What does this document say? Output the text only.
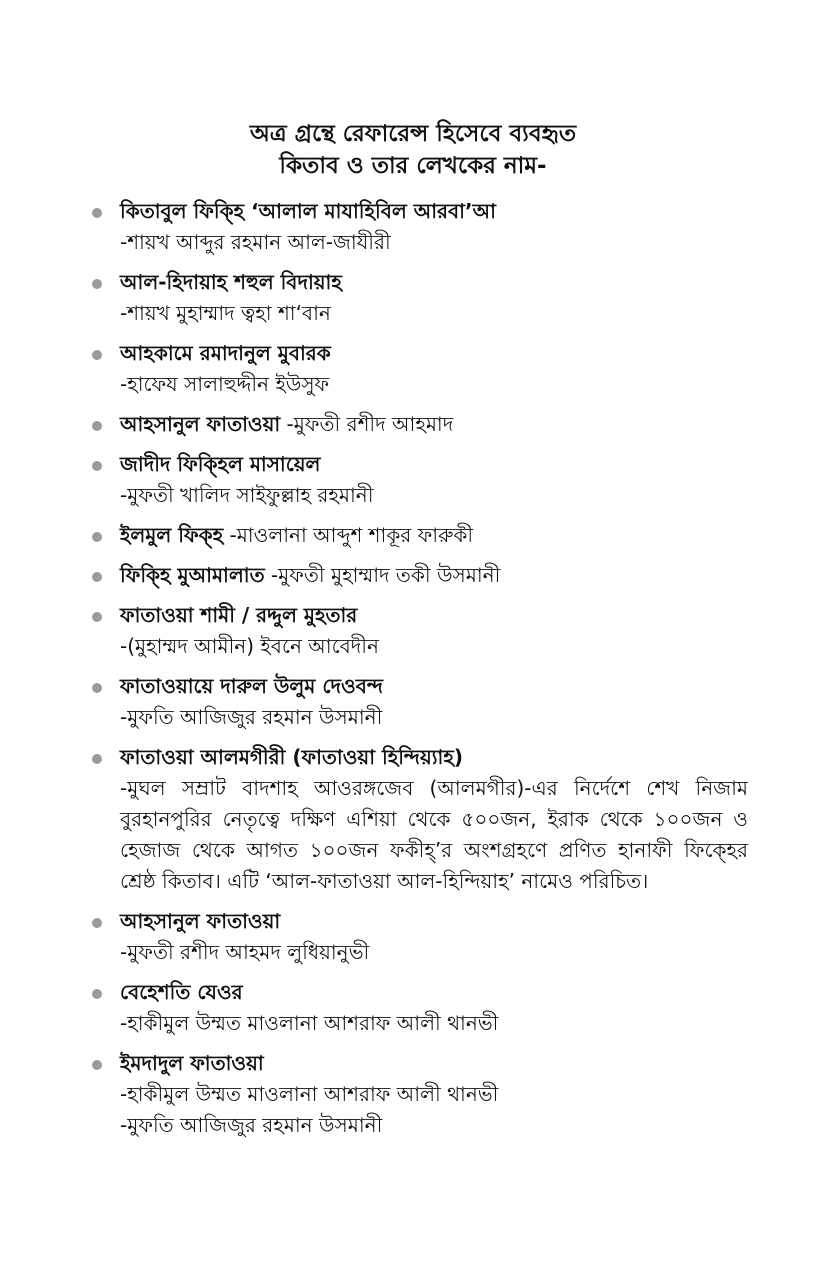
অত্র গ্রন্থে রেফারেন্স হিসেবে ব্যবহৃত
কিতাব ও তার লেখকের নাম-
কিতাবুল ফিক্হি ‘আলাল মাযাহিবিল আরবা’আ
-শায়খ আব্দুর রহমান আল-জাযীরী
আল-হিদায়াহ শহুল বিদায়াহ
-শায়খ মুহাম্মাদ ত্বহা শা‘বান
আহকামে রমাদানুল মুবারক
-হাফেয সালাহুদ্দীন ইউসুফ
আহসানুল ফাতাওয়া -মুফতী রশীদ আহমাদ
জাদীদ ফিক্হিল মাসায়েল
-মুফতী খালিদ সাইফুল্লাহ রহমানী
ইলমুল ফিক্হ -মাওলানা আব্দুশ শাকূর ফারুকী
ফিক্হি মুআমালাত -মুফতী মুহাম্মাদ তকী উসমানী
ফাতাওয়া শামী / রদ্দুল মুহতার
-(মুহাম্মদ আমীন) ইবনে আবেদীন
ফাতাওয়ায়ে দারুল উলুম দেওবন্দ
-মুফতি আজিজুর রহমান উসমানী
ফাতাওয়া আলমগীরী (ফাতাওয়া হিন্দিয়্যাহ)
-মুঘল সম্রাট বাদশাহ আওরঙ্গজেব (আলমগীর)-এর নির্দেশে শেখ নিজাম বুরহানপুরির নেতৃত্বে দক্ষিণ এশিয়া থেকে ৫০০জন, ইরাক থেকে ১০০জন ও হেজাজ থেকে আগত ১০০জন ফকীহ্’র অংশগ্রহণে প্রণিত হানাফী ফিক্হের শ্রেষ্ঠ কিতাব। এটি ‘আল-ফাতাওয়া আল-হিন্দিয়াহ’ নামেও পরিচিত।
আহসানুল ফাতাওয়া
-মুফতী রশীদ আহমদ লুধিয়ানুভী
বেহেশতি যেওর
-হাকীমুল উম্মত মাওলানা আশরাফ আলী থানভী
ইমদাদুল ফাতাওয়া
-হাকীমুল উম্মত মাওলানা আশরাফ আলী থানভী
-মুফতি আজিজুর রহমান উসমানী
